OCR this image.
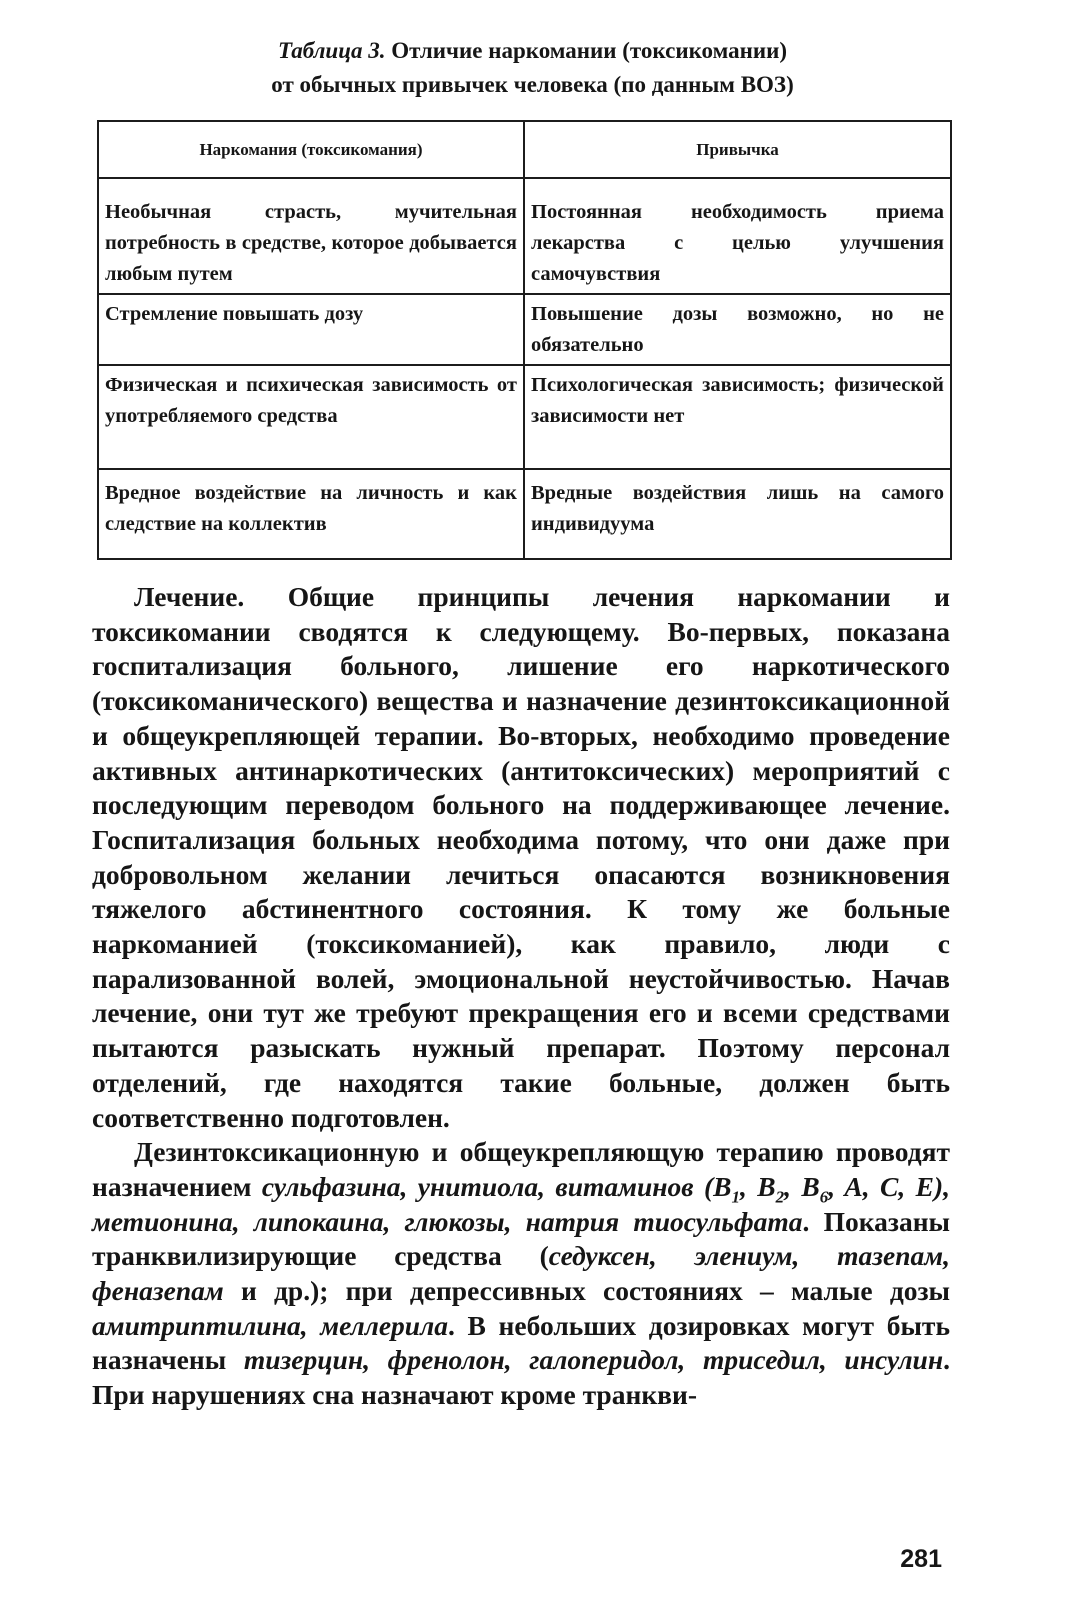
Таблица 3. Отличие наркомании (токсикомании)
от обычных привычек человека (по данным ВОЗ)
Наркомания (токсикомания)	Привычка

Необычная страсть, мучительная потребность в средстве, которое добывается любым путем	Постоянная необходимость приема лекарства с целью улучшения самочувствия

Стремление повышать дозу	Повышение дозы возможно, но не обязательно

Физическая и психическая зависимость от употребляемого средства	Психологическая зависимость; физической зависимости нет

Вредное воздействие на личность и как следствие на коллектив	Вредные воздействия лишь на самого индивидуума

Лечение. Общие принципы лечения наркомании и токсикомании сводятся к следующему. Во-первых, показана госпитализация больного, лишение его наркотического (токсикоманического) вещества и назначение дезинтоксикационной и общеукрепляющей терапии. Во-вторых, необходимо проведение активных антинаркотических (антитоксических) мероприятий с последующим переводом больного на поддерживающее лечение. Госпитализация больных необходима потому, что они даже при добровольном желании лечиться опасаются возникновения тяжелого абстинентного состояния. К тому же больные наркоманией (токсикоманией), как правило, люди с парализованной волей, эмоциональной неустойчивостью. Начав лечение, они тут же требуют прекращения его и всеми средствами пытаются разыскать нужный препарат. Поэтому персонал отделений, где находятся такие больные, должен быть соответственно подготовлен.

Дезинтоксикационную и общеукрепляющую терапию проводят назначением сульфазина, унитиола, витаминов ($B_1$, $B_2$, $B_6$, A, C, E), метионина, липокаина, глюкозы, натрия тиосульфата. Показаны транквилизирующие средства (седуксен, элениум, тазепам, феназепам и др.); при депрессивных состояниях – малые дозы амитриптилина, меллерила. В небольших дозировках могут быть назначены тизерцин, френолон, галоперидол, триседил, инсулин. При нарушениях сна назначают кроме транкви-

281
